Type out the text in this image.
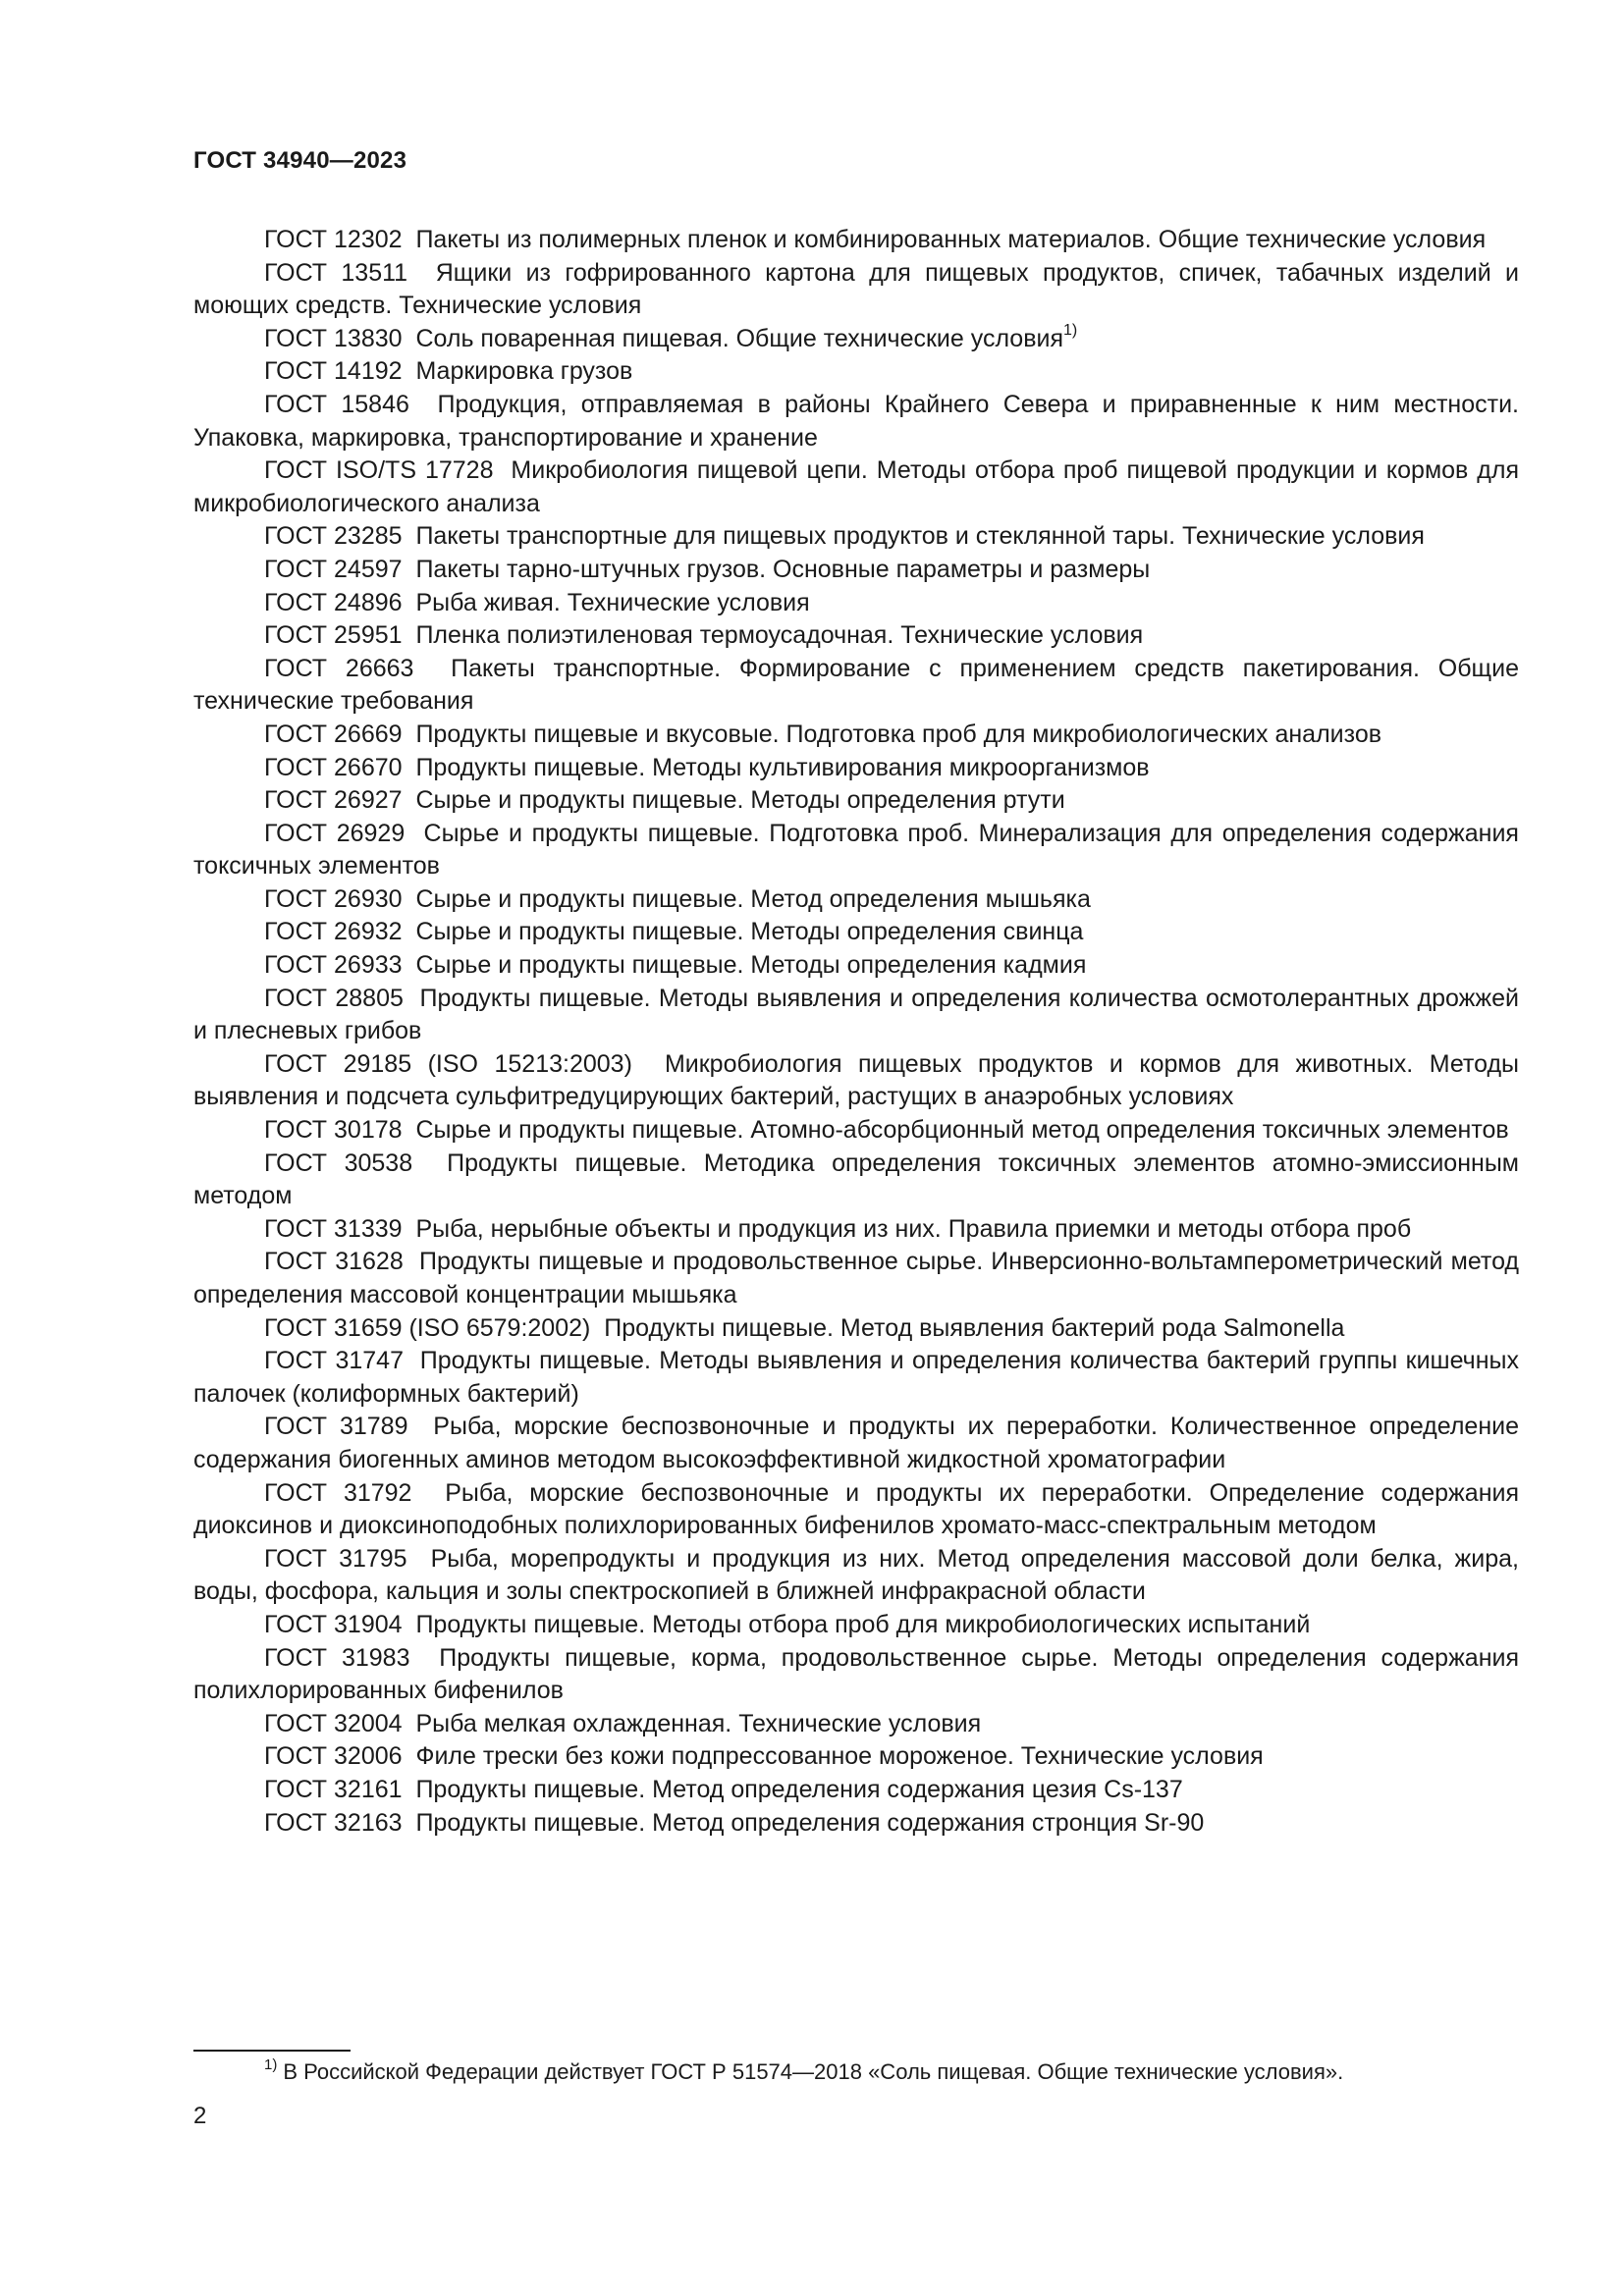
ГОСТ 34940—2023

ГОСТ 12302 Пакеты из полимерных пленок и комбинированных материалов. Общие технические условия

ГОСТ 13511 Ящики из гофрированного картона для пищевых продуктов, спичек, табачных изделий и моющих средств. Технические условия

ГОСТ 13830 Соль поваренная пищевая. Общие технические условия$^{1)}$

ГОСТ 14192 Маркировка грузов

ГОСТ 15846 Продукция, отправляемая в районы Крайнего Севера и приравненные к ним местности. Упаковка, маркировка, транспортирование и хранение

ГОСТ ISO/TS 17728 Микробиология пищевой цепи. Методы отбора проб пищевой продукции и кормов для микробиологического анализа

ГОСТ 23285 Пакеты транспортные для пищевых продуктов и стеклянной тары. Технические условия

ГОСТ 24597 Пакеты тарно-штучных грузов. Основные параметры и размеры

ГОСТ 24896 Рыба живая. Технические условия

ГОСТ 25951 Пленка полиэтиленовая термоусадочная. Технические условия

ГОСТ 26663 Пакеты транспортные. Формирование с применением средств пакетирования. Общие технические требования

ГОСТ 26669 Продукты пищевые и вкусовые. Подготовка проб для микробиологических анализов

ГОСТ 26670 Продукты пищевые. Методы культивирования микроорганизмов

ГОСТ 26927 Сырье и продукты пищевые. Методы определения ртути

ГОСТ 26929 Сырье и продукты пищевые. Подготовка проб. Минерализация для определения содержания токсичных элементов

ГОСТ 26930 Сырье и продукты пищевые. Метод определения мышьяка

ГОСТ 26932 Сырье и продукты пищевые. Методы определения свинца

ГОСТ 26933 Сырье и продукты пищевые. Методы определения кадмия

ГОСТ 28805 Продукты пищевые. Методы выявления и определения количества осмотолерантных дрожжей и плесневых грибов

ГОСТ 29185 (ISO 15213:2003) Микробиология пищевых продуктов и кормов для животных. Методы выявления и подсчета сульфитредуцирующих бактерий, растущих в анаэробных условиях

ГОСТ 30178 Сырье и продукты пищевые. Атомно-абсорбционный метод определения токсичных элементов

ГОСТ 30538 Продукты пищевые. Методика определения токсичных элементов атомно-эмиссионным методом

ГОСТ 31339 Рыба, нерыбные объекты и продукция из них. Правила приемки и методы отбора проб

ГОСТ 31628 Продукты пищевые и продовольственное сырье. Инверсионно-вольтамперометрический метод определения массовой концентрации мышьяка

ГОСТ 31659 (ISO 6579:2002) Продукты пищевые. Метод выявления бактерий рода Salmonella

ГОСТ 31747 Продукты пищевые. Методы выявления и определения количества бактерий группы кишечных палочек (колиформных бактерий)

ГОСТ 31789 Рыба, морские беспозвоночные и продукты их переработки. Количественное определение содержания биогенных аминов методом высокоэффективной жидкостной хроматографии

ГОСТ 31792 Рыба, морские беспозвоночные и продукты их переработки. Определение содержания диоксинов и диоксиноподобных полихлорированных бифенилов хромато-масс-спектральным методом

ГОСТ 31795 Рыба, морепродукты и продукция из них. Метод определения массовой доли белка, жира, воды, фосфора, кальция и золы спектроскопией в ближней инфракрасной области

ГОСТ 31904 Продукты пищевые. Методы отбора проб для микробиологических испытаний

ГОСТ 31983 Продукты пищевые, корма, продовольственное сырье. Методы определения содержания полихлорированных бифенилов

ГОСТ 32004 Рыба мелкая охлажденная. Технические условия

ГОСТ 32006 Филе трески без кожи подпрессованное мороженое. Технические условия

ГОСТ 32161 Продукты пищевые. Метод определения содержания цезия Cs-137

ГОСТ 32163 Продукты пищевые. Метод определения содержания стронция Sr-90

$^{1)}$ В Российской Федерации действует ГОСТ Р 51574—2018 «Соль пищевая. Общие технические условия».
2
